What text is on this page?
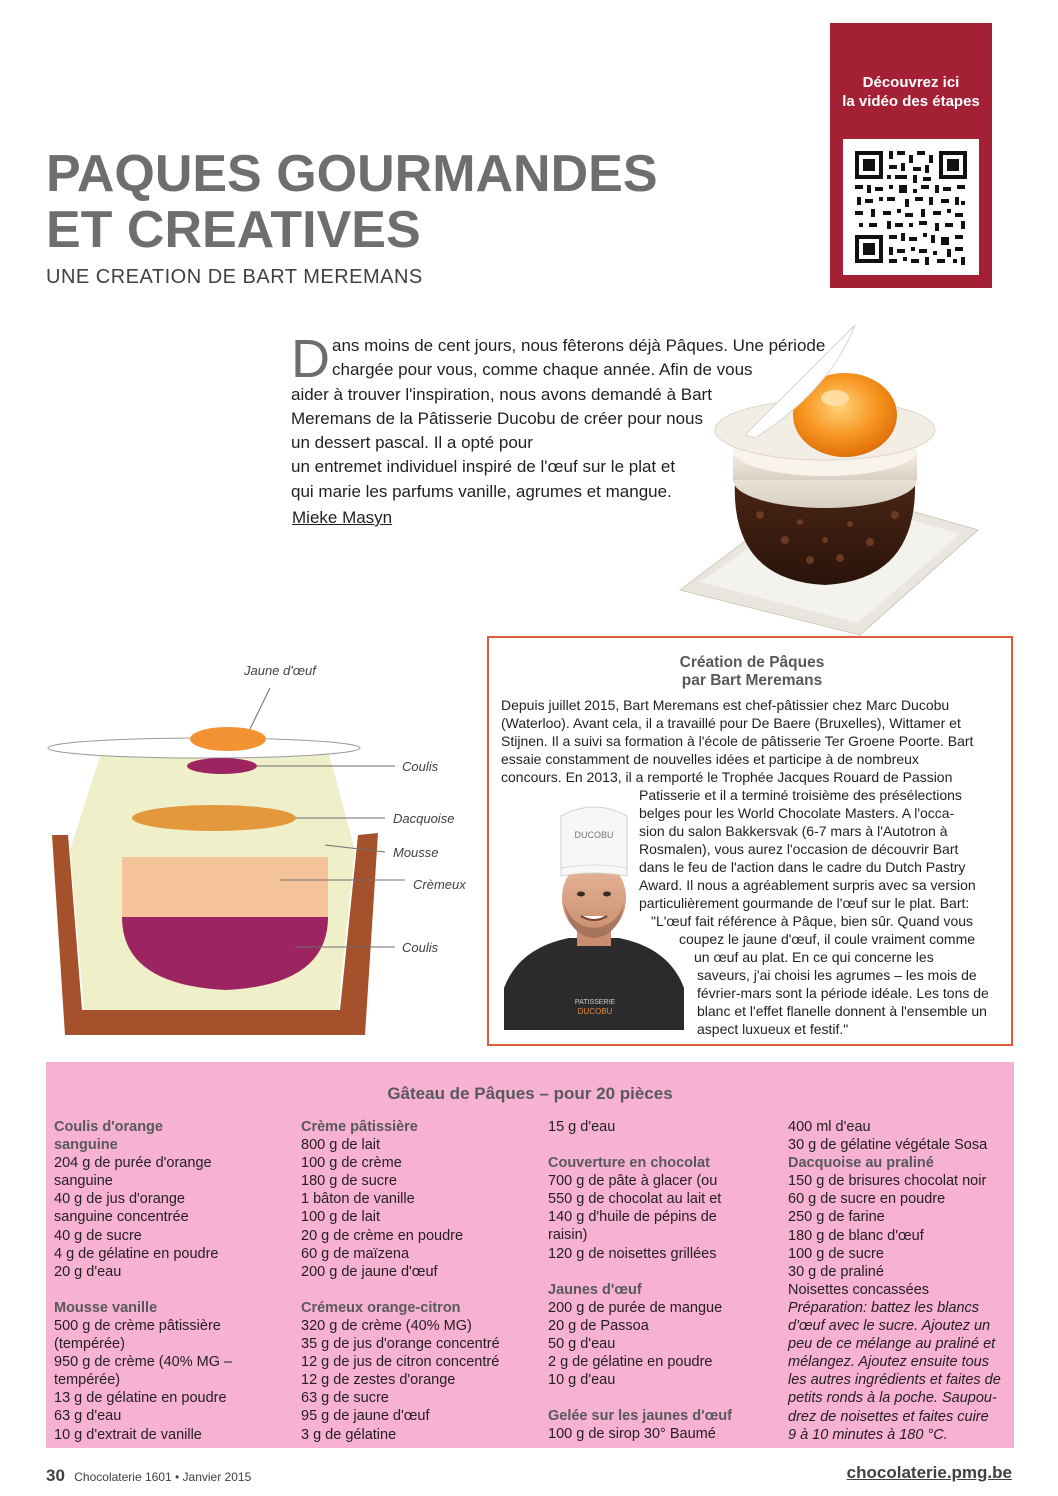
Découvrez ici
la vidéo des étapes
PAQUES GOURMANDES
ET CREATIVES
UNE CREATION DE BART MEREMANS
D ans moins de cent jours, nous fêterons déjà Pâques. Une période
chargée pour vous, comme chaque année. Afin de vous
aider à trouver l'inspiration, nous avons demandé à Bart
Meremans de la Pâtisserie Ducobu de créer pour nous
un dessert pascal. Il a opté pour
un entremet individuel inspiré de l'œuf sur le plat et
qui marie les parfums vanille, agrumes et mangue.
Mieke Masyn
Jaune d'œuf
Coulis
Dacquoise
Mousse
Crèmeux
Coulis
Création de Pâques
par Bart Meremans
Depuis juillet 2015, Bart Meremans est chef-pâtissier chez Marc Ducobu
(Waterloo). Avant cela, il a travaillé pour De Baere (Bruxelles), Wittamer et
Stijnen. Il a suivi sa formation à l'école de pâtisserie Ter Groene Poorte. Bart
essaie constamment de nouvelles idées et participe à de nombreux
concours. En 2013, il a remporté le Trophée Jacques Rouard de Passion
Patisserie et il a terminé troisième des présélections
belges pour les World Chocolate Masters. A l'occa-
sion du salon Bakkersvak (6-7 mars à l'Autotron à
Rosmalen), vous aurez l'occasion de découvrir Bart
dans le feu de l'action dans le cadre du Dutch Pastry
Award. Il nous a agréablement surpris avec sa version
particulièrement gourmande de l'œuf sur le plat. Bart:
"L'œuf fait référence à Pâque, bien sûr. Quand vous
coupez le jaune d'œuf, il coule vraiment comme
un œuf au plat. En ce qui concerne les
saveurs, j'ai choisi les agrumes – les mois de
février-mars sont la période idéale. Les tons de
blanc et l'effet flanelle donnent à l'ensemble un
aspect luxueux et festif."
DUCOBU
PATISSERIE
DUCOBU
Gâteau de Pâques – pour 20 pièces
Coulis d'orange
sanguine
204 g de purée d'orange
sanguine
40 g de jus d'orange
sanguine concentrée
40 g de sucre
4 g de gélatine en poudre
20 g d'eau
Mousse vanille
500 g de crème pâtissière
(tempérée)
950 g de crème (40% MG –
tempérée)
13 g de gélatine en poudre
63 g d'eau
10 g d'extrait de vanille
Crème pâtissière
800 g de lait
100 g de crème
180 g de sucre
1 bâton de vanille
100 g de lait
20 g de crème en poudre
60 g de maïzena
200 g de jaune d'œuf
Crémeux orange-citron
320 g de crème (40% MG)
35 g de jus d'orange concentré
12 g de jus de citron concentré
12 g de zestes d'orange
63 g de sucre
95 g de jaune d'œuf
3 g de gélatine
15 g d'eau
Couverture en chocolat
700 g de pâte à glacer (ou
550 g de chocolat au lait et
140 g d'huile de pépins de
raisin)
120 g de noisettes grillées
Jaunes d'œuf
200 g de purée de mangue
20 g de Passoa
50 g d'eau
2 g de gélatine en poudre
10 g d'eau
Gelée sur les jaunes d'œuf
100 g de sirop 30° Baumé
400 ml d'eau
30 g de gélatine végétale Sosa
Dacquoise au praliné
150 g de brisures chocolat noir
60 g de sucre en poudre
250 g de farine
180 g de blanc d'œuf
100 g de sucre
30 g de praliné
Noisettes concassées
Préparation: battez les blancs
d'œuf avec le sucre. Ajoutez un
peu de ce mélange au praliné et
mélangez. Ajoutez ensuite tous
les autres ingrédients et faites de
petits ronds à la poche. Saupou-
drez de noisettes et faites cuire
9 à 10 minutes à 180 °C.
30 Chocolaterie 1601 • Janvier 2015	chocolaterie.pmg.be
